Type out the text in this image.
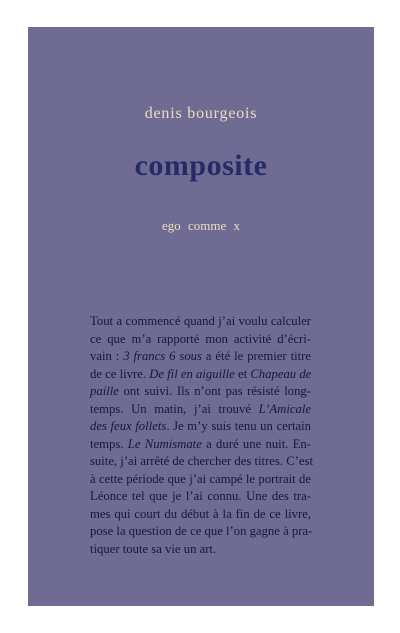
denis bourgeois
composite
ego comme x
Tout a commencé quand j’ai voulu calculer
ce que m’a rapporté mon activité d’écri-
vain : 3 francs 6 sous a été le premier titre
de ce livre. De fil en aiguille et Chapeau de
paille ont suivi. Ils n’ont pas résisté long-
temps. Un matin, j’ai trouvé L’Amicale
des feux follets. Je m’y suis tenu un certain
temps. Le Numismate a duré une nuit. En-
suite, j’ai arrêté de chercher des titres. C’est
à cette période que j’ai campé le portrait de
Léonce tel que je l’ai connu. Une des tra-
mes qui court du début à la fin de ce livre,
pose la question de ce que l’on gagne à pra-
tiquer toute sa vie un art.
